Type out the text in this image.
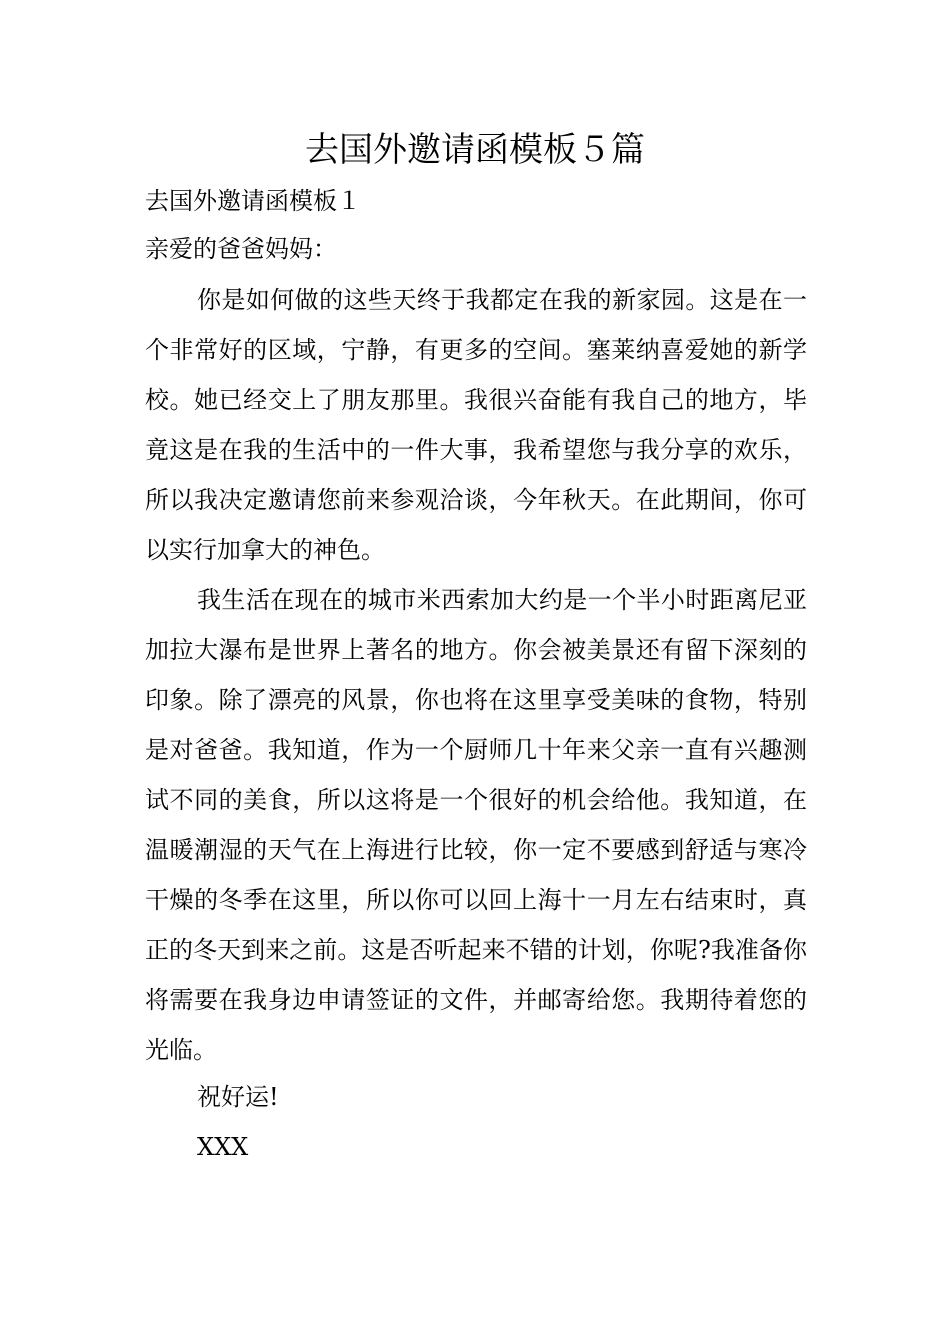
去国外邀请函模板５篇

去国外邀请函模板１

亲爱的爸爸妈妈：

你是如何做的这些天终于我都定在我的新家园。这是在一个非常好的区域，宁静，有更多的空间。塞莱纳喜爱她的新学校。她已经交上了朋友那里。我很兴奋能有我自己的地方，毕竟这是在我的生活中的一件大事，我希望您与我分享的欢乐，所以我决定邀请您前来参观洽谈，今年秋天。在此期间，你可以实行加拿大的神色。

我生活在现在的城市米西索加大约是一个半小时距离尼亚加拉大瀑布是世界上著名的地方。你会被美景还有留下深刻的印象。除了漂亮的风景，你也将在这里享受美味的食物，特别是对爸爸。我知道，作为一个厨师几十年来父亲一直有兴趣测试不同的美食，所以这将是一个很好的机会给他。我知道，在温暖潮湿的天气在上海进行比较，你一定不要感到舒适与寒冷干燥的冬季在这里，所以你可以回上海十一月左右结束时，真正的冬天到来之前。这是否听起来不错的计划，你呢?我准备你将需要在我身边申请签证的文件，并邮寄给您。我期待着您的光临。

祝好运!

XXX
